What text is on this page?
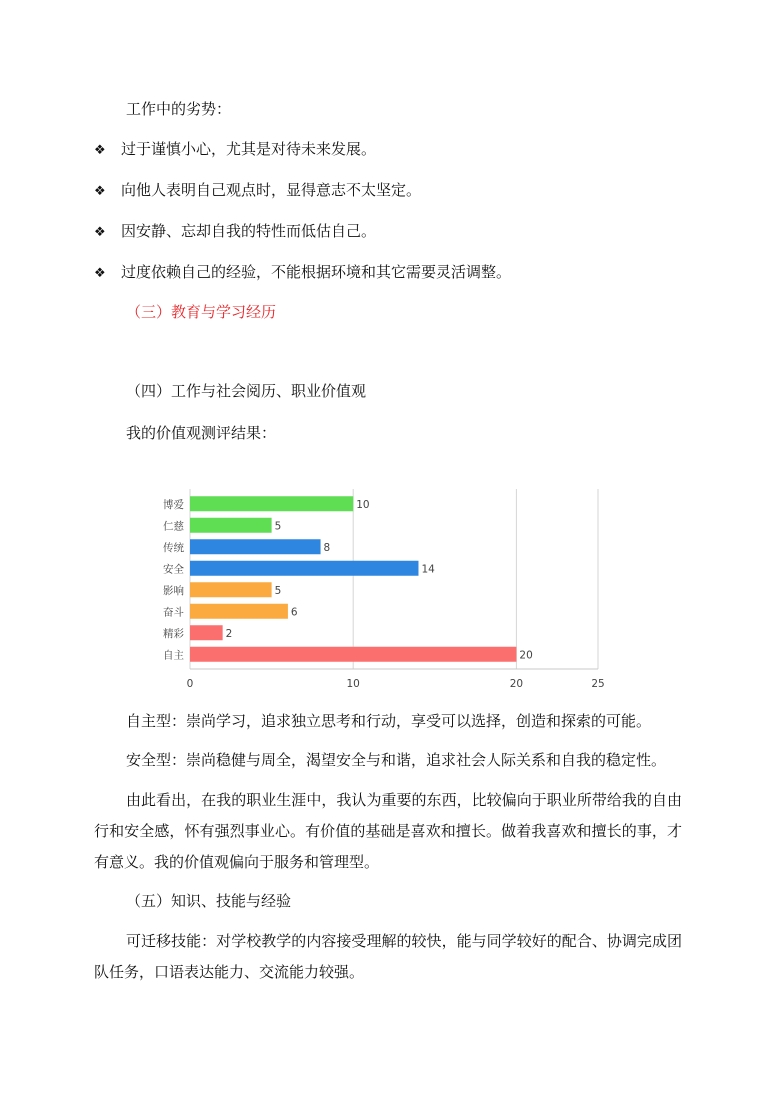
工作中的劣势：
❖ 过于谨慎小心，尤其是对待未来发展。
❖ 向他人表明自己观点时，显得意志不太坚定。
❖ 因安静、忘却自我的特性而低估自己。
❖ 过度依赖自己的经验，不能根据环境和其它需要灵活调整。
（三）教育与学习经历
（四）工作与社会阅历、职业价值观
我的价值观测评结果：
博爱	10
仁慈	5
传统	8
安全	14
影响	5
奋斗	6
精彩	2
自主	20
0	10	20	25
自主型：崇尚学习，追求独立思考和行动，享受可以选择，创造和探索的可能。
安全型：崇尚稳健与周全，渴望安全与和谐，追求社会人际关系和自我的稳定性。
由此看出，在我的职业生涯中，我认为重要的东西，比较偏向于职业所带给我的自由行和安全感，怀有强烈事业心。有价值的基础是喜欢和擅长。做着我喜欢和擅长的事，才有意义。我的价值观偏向于服务和管理型。
（五）知识、技能与经验
可迁移技能：对学校教学的内容接受理解的较快，能与同学较好的配合、协调完成团队任务，口语表达能力、交流能力较强。
